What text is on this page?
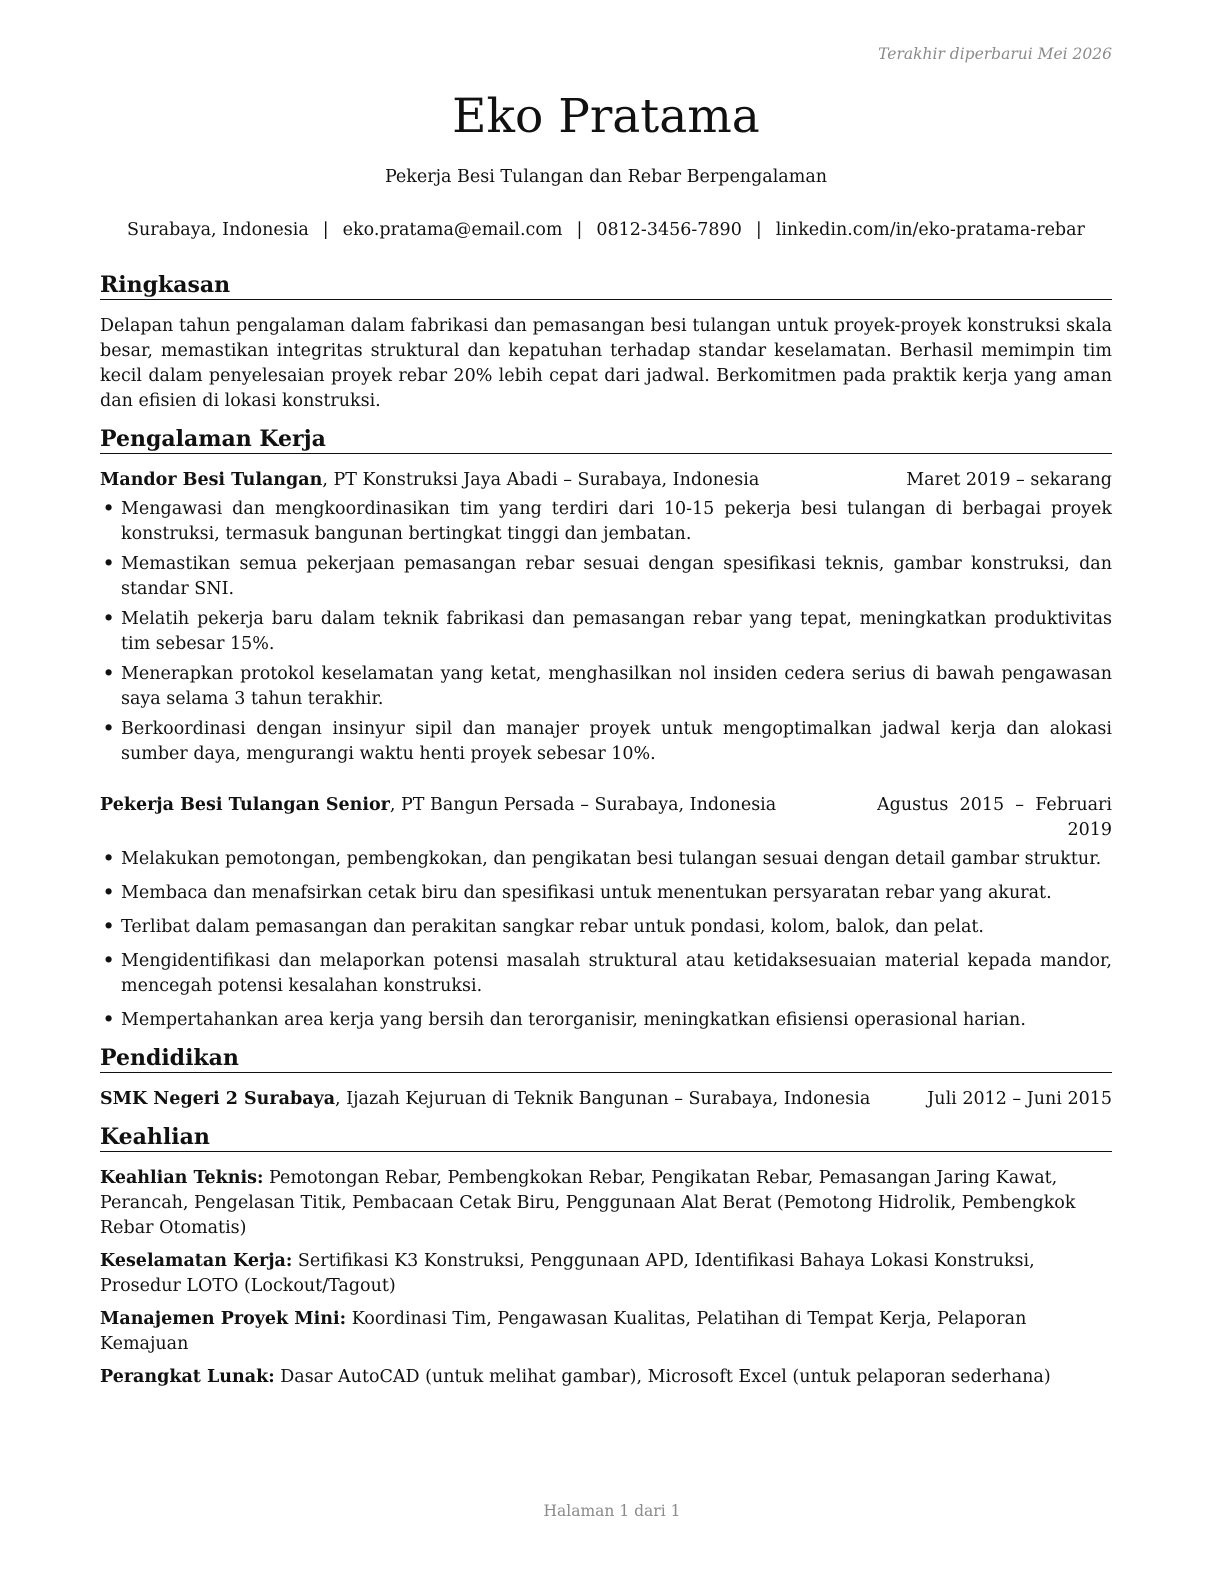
Terakhir diperbarui Mei 2026
Eko Pratama
Pekerja Besi Tulangan dan Rebar Berpengalaman
Surabaya, Indonesia | eko.pratama@email.com | 0812-3456-7890 | linkedin.com/in/eko-pratama-rebar
Ringkasan

Delapan tahun pengalaman dalam fabrikasi dan pemasangan besi tulangan untuk proyek-proyek konstruksi skala besar, memastikan integritas struktural dan kepatuhan terhadap standar keselamatan. Berhasil memimpin tim kecil dalam penyelesaian proyek rebar 20% lebih cepat dari jadwal. Berkomitmen pada praktik kerja yang aman dan efisien di lokasi konstruksi.

Pengalaman Kerja
Mandor Besi Tulangan, PT Konstruksi Jaya Abadi – Surabaya, Indonesia	Maret 2019 – sekarang
• Mengawasi dan mengkoordinasikan tim yang terdiri dari 10-15 pekerja besi tulangan di berbagai proyek konstruksi, termasuk bangunan bertingkat tinggi dan jembatan.
• Memastikan semua pekerjaan pemasangan rebar sesuai dengan spesifikasi teknis, gambar konstruksi, dan standar SNI.
• Melatih pekerja baru dalam teknik fabrikasi dan pemasangan rebar yang tepat, meningkatkan produktivitas tim sebesar 15%.
• Menerapkan protokol keselamatan yang ketat, menghasilkan nol insiden cedera serius di bawah pengawasan saya selama 3 tahun terakhir.
• Berkoordinasi dengan insinyur sipil dan manajer proyek untuk mengoptimalkan jadwal kerja dan alokasi sumber daya, mengurangi waktu henti proyek sebesar 10%.
Pekerja Besi Tulangan Senior, PT Bangun Persada – Surabaya, Indonesia	Agustus 2015 – Februari 2019
• Melakukan pemotongan, pembengkokan, dan pengikatan besi tulangan sesuai dengan detail gambar struktur.
• Membaca dan menafsirkan cetak biru dan spesifikasi untuk menentukan persyaratan rebar yang akurat.
• Terlibat dalam pemasangan dan perakitan sangkar rebar untuk pondasi, kolom, balok, dan pelat.
• Mengidentifikasi dan melaporkan potensi masalah struktural atau ketidaksesuaian material kepada mandor, mencegah potensi kesalahan konstruksi.
• Mempertahankan area kerja yang bersih dan terorganisir, meningkatkan efisiensi operasional harian.
Pendidikan
SMK Negeri 2 Surabaya, Ijazah Kejuruan di Teknik Bangunan – Surabaya, Indonesia	Juli 2012 – Juni 2015
Keahlian

Keahlian Teknis: Pemotongan Rebar, Pembengkokan Rebar, Pengikatan Rebar, Pemasangan Jaring Kawat, Perancah, Pengelasan Titik, Pembacaan Cetak Biru, Penggunaan Alat Berat (Pemotong Hidrolik, Pembengkok Rebar Otomatis)

Keselamatan Kerja: Sertifikasi K3 Konstruksi, Penggunaan APD, Identifikasi Bahaya Lokasi Konstruksi, Prosedur LOTO (Lockout/Tagout)

Manajemen Proyek Mini: Koordinasi Tim, Pengawasan Kualitas, Pelatihan di Tempat Kerja, Pelaporan Kemajuan

Perangkat Lunak: Dasar AutoCAD (untuk melihat gambar), Microsoft Excel (untuk pelaporan sederhana)

Halaman 1 dari 1
